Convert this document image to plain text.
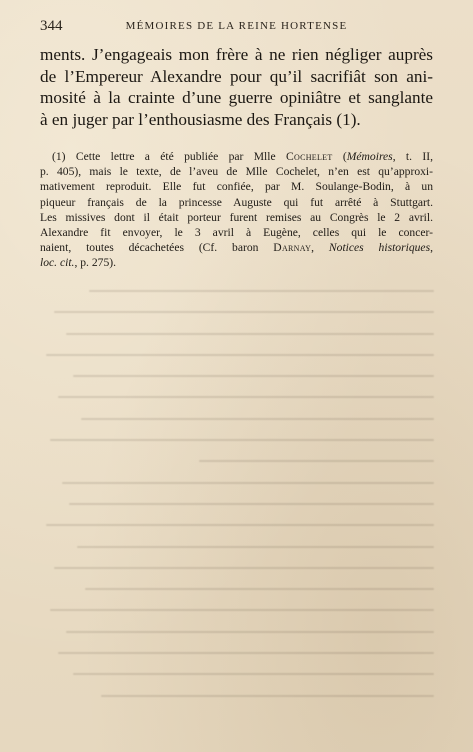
344	MÉMOIRES DE LA REINE HORTENSE
ments. J’engageais mon frère à ne rien négliger auprès
de l’Empereur Alexandre pour qu’il sacrifiât son ani-
mosité à la crainte d’une guerre opiniâtre et sanglante
à en juger par l’enthousiasme des Français (1).
(1) Cette lettre a été publiée par Mlle Cochelet (Mémoires, t. II,
p. 405), mais le texte, de l’aveu de Mlle Cochelet, n’en est qu’approxi-
mativement reproduit. Elle fut confiée, par M. Soulange-Bodin, à un
piqueur français de la princesse Auguste qui fut arrêté à Stuttgart.
Les missives dont il était porteur furent remises au Congrès le 2 avril.
Alexandre fit envoyer, le 3 avril à Eugène, celles qui le concer-
naient, toutes décachetées (Cf. baron Darnay, Notices historiques,
loc. cit., p. 275).
